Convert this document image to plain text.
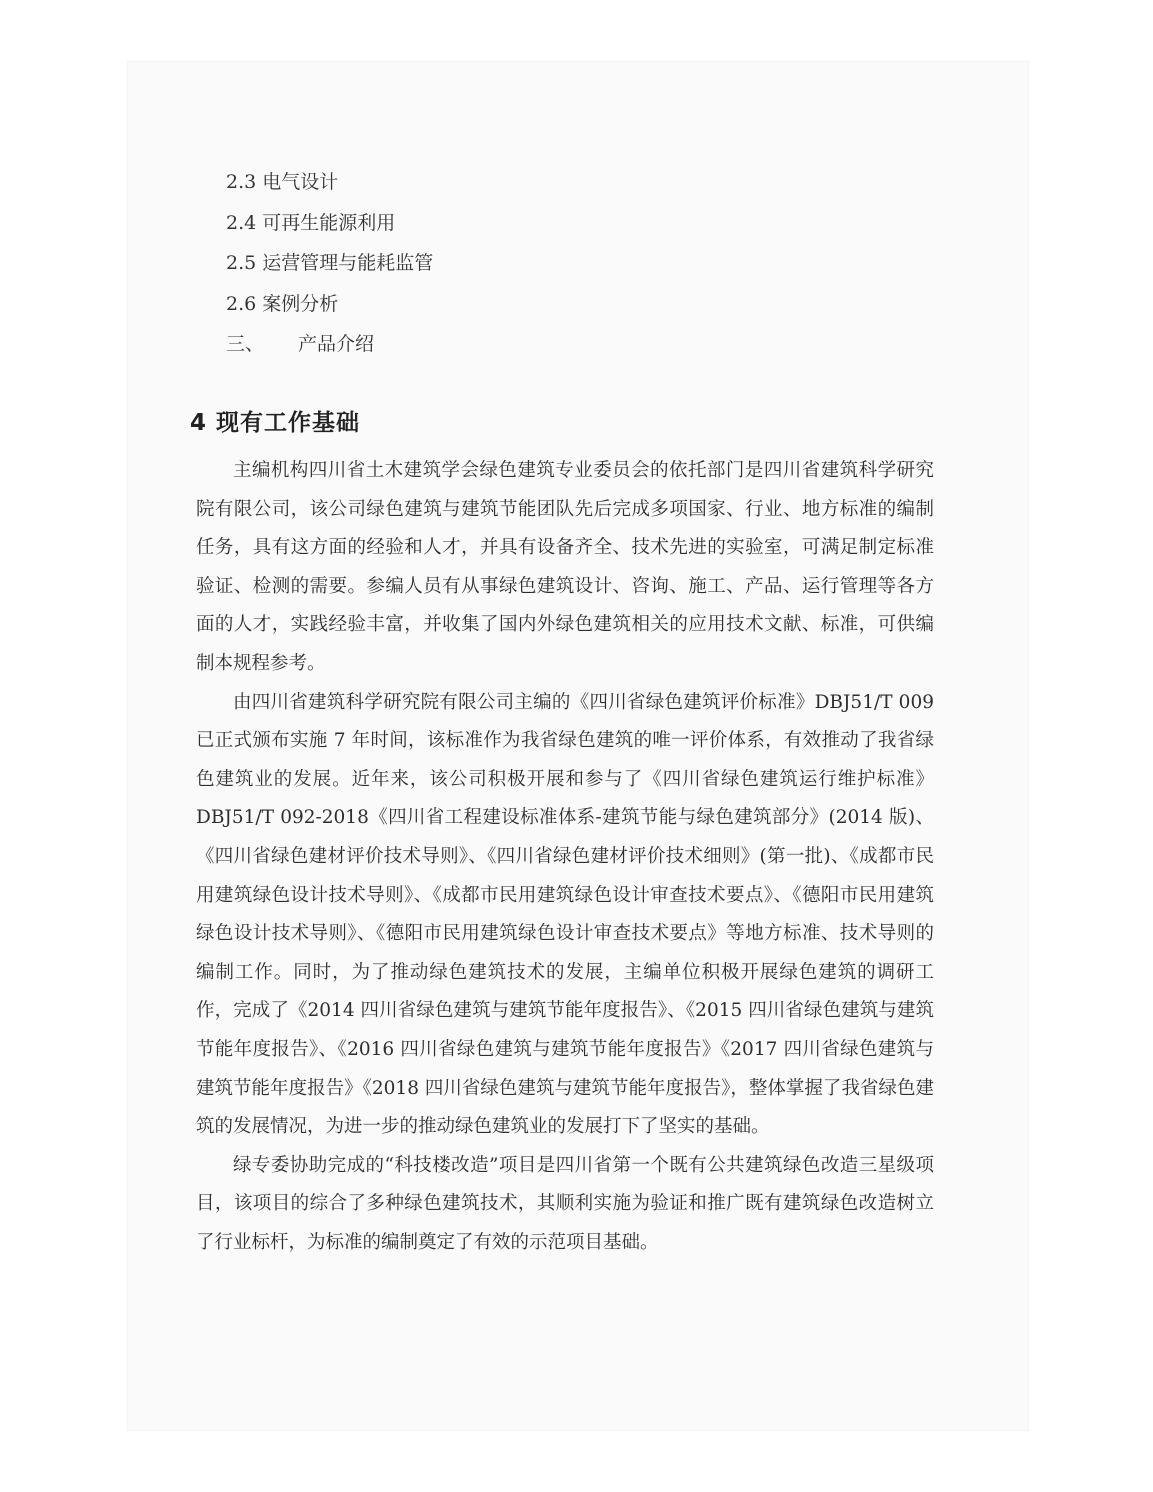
2.3 电气设计
2.4 可再生能源利用
2.5 运营管理与能耗监管
2.6 案例分析
三、 产品介绍
4 现有工作基础

主编机构四川省土木建筑学会绿色建筑专业委员会的依托部门是四川省建筑科学研究院有限公司，该公司绿色建筑与建筑节能团队先后完成多项国家、行业、地方标准的编制任务，具有这方面的经验和人才，并具有设备齐全、技术先进的实验室，可满足制定标准验证、检测的需要。参编人员有从事绿色建筑设计、咨询、施工、产品、运行管理等各方面的人才，实践经验丰富，并收集了国内外绿色建筑相关的应用技术文献、标准，可供编制本规程参考。

由四川省建筑科学研究院有限公司主编的《四川省绿色建筑评价标准》DBJ51/T 009 已正式颁布实施 7 年时间，该标准作为我省绿色建筑的唯一评价体系，有效推动了我省绿色建筑业的发展。近年来，该公司积极开展和参与了《四川省绿色建筑运行维护标准》DBJ51/T 092-2018《四川省工程建设标准体系-建筑节能与绿色建筑部分》(2014 版)、《四川省绿色建材评价技术导则》、《四川省绿色建材评价技术细则》(第一批)、《成都市民用建筑绿色设计技术导则》、《成都市民用建筑绿色设计审查技术要点》、《德阳市民用建筑绿色设计技术导则》、《德阳市民用建筑绿色设计审查技术要点》等地方标准、技术导则的编制工作。同时，为了推动绿色建筑技术的发展，主编单位积极开展绿色建筑的调研工作，完成了《2014 四川省绿色建筑与建筑节能年度报告》、《2015 四川省绿色建筑与建筑节能年度报告》、《2016 四川省绿色建筑与建筑节能年度报告》《2017 四川省绿色建筑与建筑节能年度报告》《2018 四川省绿色建筑与建筑节能年度报告》，整体掌握了我省绿色建筑的发展情况，为进一步的推动绿色建筑业的发展打下了坚实的基础。

绿专委协助完成的“科技楼改造”项目是四川省第一个既有公共建筑绿色改造三星级项目，该项目的综合了多种绿色建筑技术，其顺利实施为验证和推广既有建筑绿色改造树立了行业标杆，为标准的编制奠定了有效的示范项目基础。
